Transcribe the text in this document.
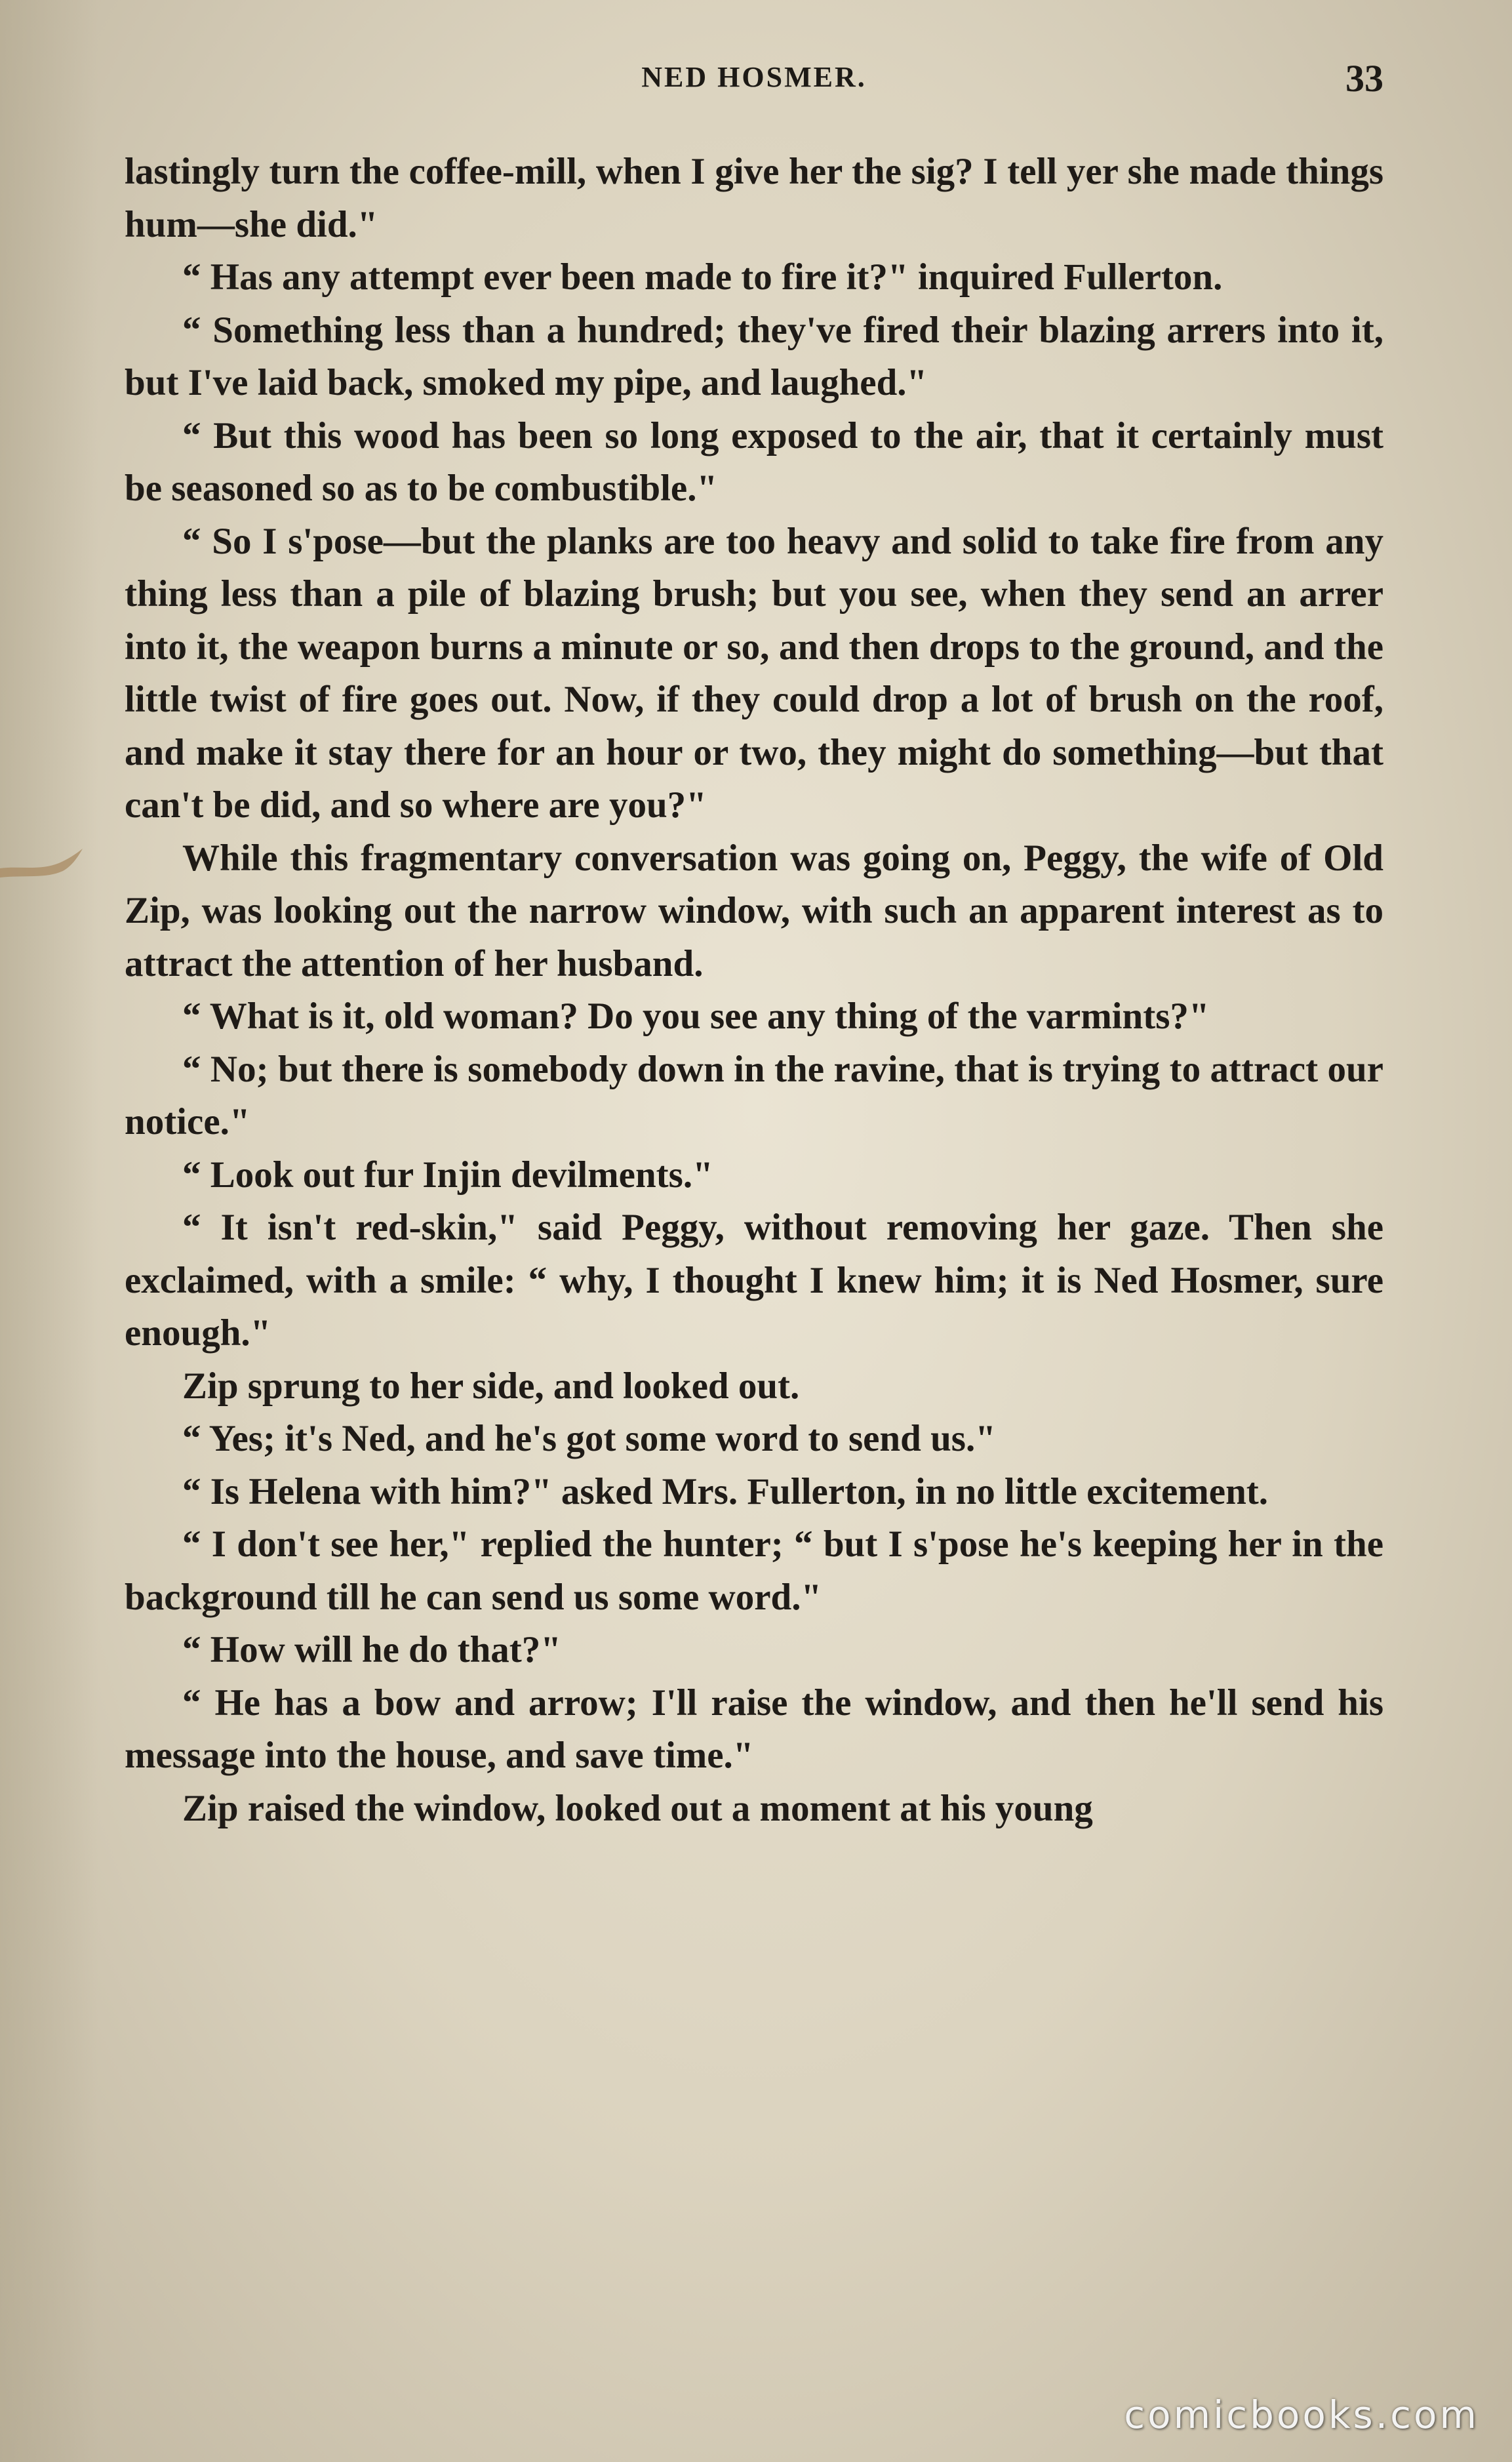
NED HOSMER.	33

lastingly turn the coffee-mill, when I give her the sig? I tell yer she made things hum—she did."

“ Has any attempt ever been made to fire it?" inquired Fullerton.

“ Something less than a hundred; they've fired their blazing arrers into it, but I've laid back, smoked my pipe, and laughed."

“ But this wood has been so long exposed to the air, that it certainly must be seasoned so as to be combustible."

“ So I s'pose—but the planks are too heavy and solid to take fire from any thing less than a pile of blazing brush; but you see, when they send an arrer into it, the weapon burns a minute or so, and then drops to the ground, and the little twist of fire goes out. Now, if they could drop a lot of brush on the roof, and make it stay there for an hour or two, they might do something—but that can't be did, and so where are you?"

While this fragmentary conversation was going on, Peggy, the wife of Old Zip, was looking out the narrow window, with such an apparent interest as to attract the attention of her husband.

“ What is it, old woman? Do you see any thing of the varmints?"

“ No; but there is somebody down in the ravine, that is trying to attract our notice."

“ Look out fur Injin devilments."

“ It isn't red-skin," said Peggy, without removing her gaze. Then she exclaimed, with a smile: “ why, I thought I knew him; it is Ned Hosmer, sure enough."

Zip sprung to her side, and looked out.

“ Yes; it's Ned, and he's got some word to send us."

“ Is Helena with him?" asked Mrs. Fullerton, in no little excitement.

“ I don't see her," replied the hunter; “ but I s'pose he's keeping her in the background till he can send us some word."

“ How will he do that?"

“ He has a bow and arrow; I'll raise the window, and then he'll send his message into the house, and save time."

Zip raised the window, looked out a moment at his young

comicbooks.com
